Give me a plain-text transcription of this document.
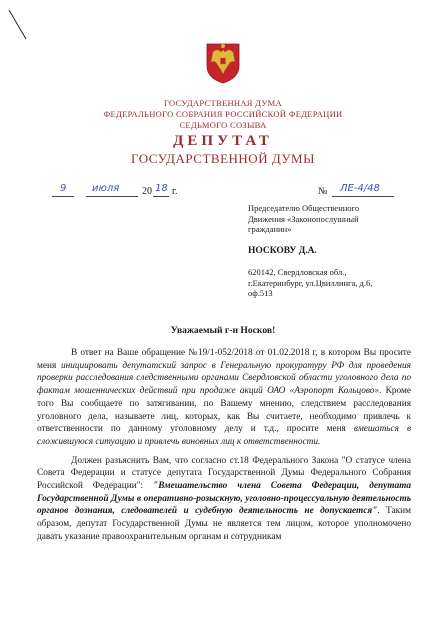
ГОСУДАРСТВЕННАЯ ДУМА
ФЕДЕРАЛЬНОГО СОБРАНИЯ РОССИЙСКОЙ ФЕДЕРАЦИИ
СЕДЬМОГО СОЗЫВА
ДЕПУТАТ
ГОСУДАРСТВЕННОЙ ДУМЫ
9	июля 20 18 г.	№ ЛЕ-4/48
Председателю Общественного
Движения «Законопослушный
гражданин»
НОСКОВУ Д.А.
620142, Свердловская обл.,
г.Екатеринбург, ул.Цвиллинга, д.6,
оф.513
Уважаемый г-н Носков!

В ответ на Ваше обращение №19/1-052/2018 от 01.02.2018 г, в котором Вы просите меня инициировать депутатский запрос в Генеральную прокуратуру РФ для проведения проверки расследования следственными органами Свердловской области уголовного дела по фактам мошеннических действий при продаже акций ОАО «Аэропорт Кольцово». Кроме того Вы сообщаете по затягивании, по Вашему мнению, следствием расследования уголовного дела, называете лиц, которых, как Вы считаете, необходимо привлечь к ответственности по данному уголовному делу и т.д., просите меня вмешаться в сложившуюся ситуацию и привлечь виновных лиц к ответственности.

Должен разъяснить Вам, что согласно ст.18 Федерального Закона "О статусе члена Совета Федерации и статусе депутата Государственной Думы Федерального Собрания Российской Федерации": "Вмешательство члена Совета Федерации, депутата Государственной Думы в оперативно-розыскную, уголовно-процессуальную деятельность органов дознания, следователей и судебную деятельность не допускается". Таким образом, депутат Государственной Думы не является тем лицом, которое уполномочено давать указание правоохранительным органам и сотрудникам
